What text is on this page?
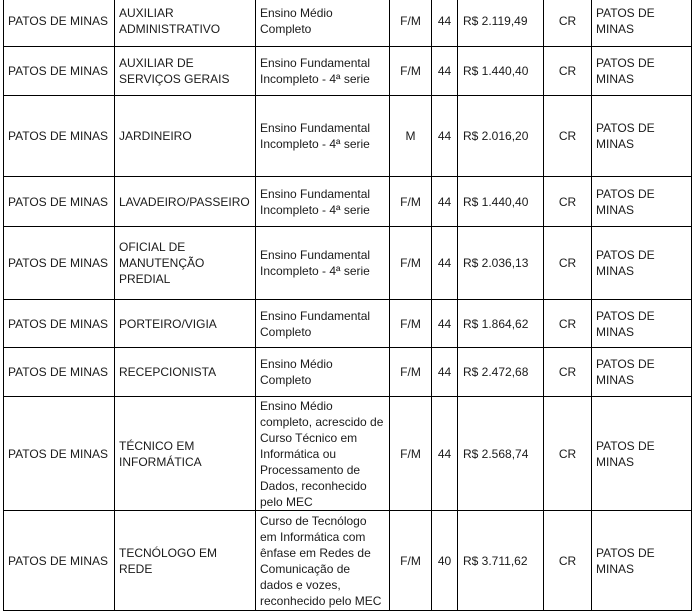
PATOS DE MINAS	AUXILIAR ADMINISTRATIVO	Ensino Médio Completo	F/M	44	R$ 2.119,49	CR	PATOS DE MINAS
PATOS DE MINAS	AUXILIAR DE SERVIÇOS GERAIS	Ensino Fundamental Incompleto - 4ª serie	F/M	44	R$ 1.440,40	CR	PATOS DE MINAS
PATOS DE MINAS	JARDINEIRO	Ensino Fundamental Incompleto - 4ª serie	M	44	R$ 2.016,20	CR	PATOS DE MINAS
PATOS DE MINAS	LAVADEIRO/PASSEIRO	Ensino Fundamental Incompleto - 4ª serie	F/M	44	R$ 1.440,40	CR	PATOS DE MINAS
PATOS DE MINAS	OFICIAL DE MANUTENÇÃO PREDIAL	Ensino Fundamental Incompleto - 4ª serie	F/M	44	R$ 2.036,13	CR	PATOS DE MINAS
PATOS DE MINAS	PORTEIRO/VIGIA	Ensino Fundamental Completo	F/M	44	R$ 1.864,62	CR	PATOS DE MINAS
PATOS DE MINAS	RECEPCIONISTA	Ensino Médio Completo	F/M	44	R$ 2.472,68	CR	PATOS DE MINAS
PATOS DE MINAS	TÉCNICO EM INFORMÁTICA	Ensino Médio completo, acrescido de Curso Técnico em Informática ou Processamento de Dados, reconhecido pelo MEC	F/M	44	R$ 2.568,74	CR	PATOS DE MINAS
PATOS DE MINAS	TECNÓLOGO EM REDE	Curso de Tecnólogo em Informática com ênfase em Redes de Comunicação de dados e vozes, reconhecido pelo MEC	F/M	40	R$ 3.711,62	CR	PATOS DE MINAS
